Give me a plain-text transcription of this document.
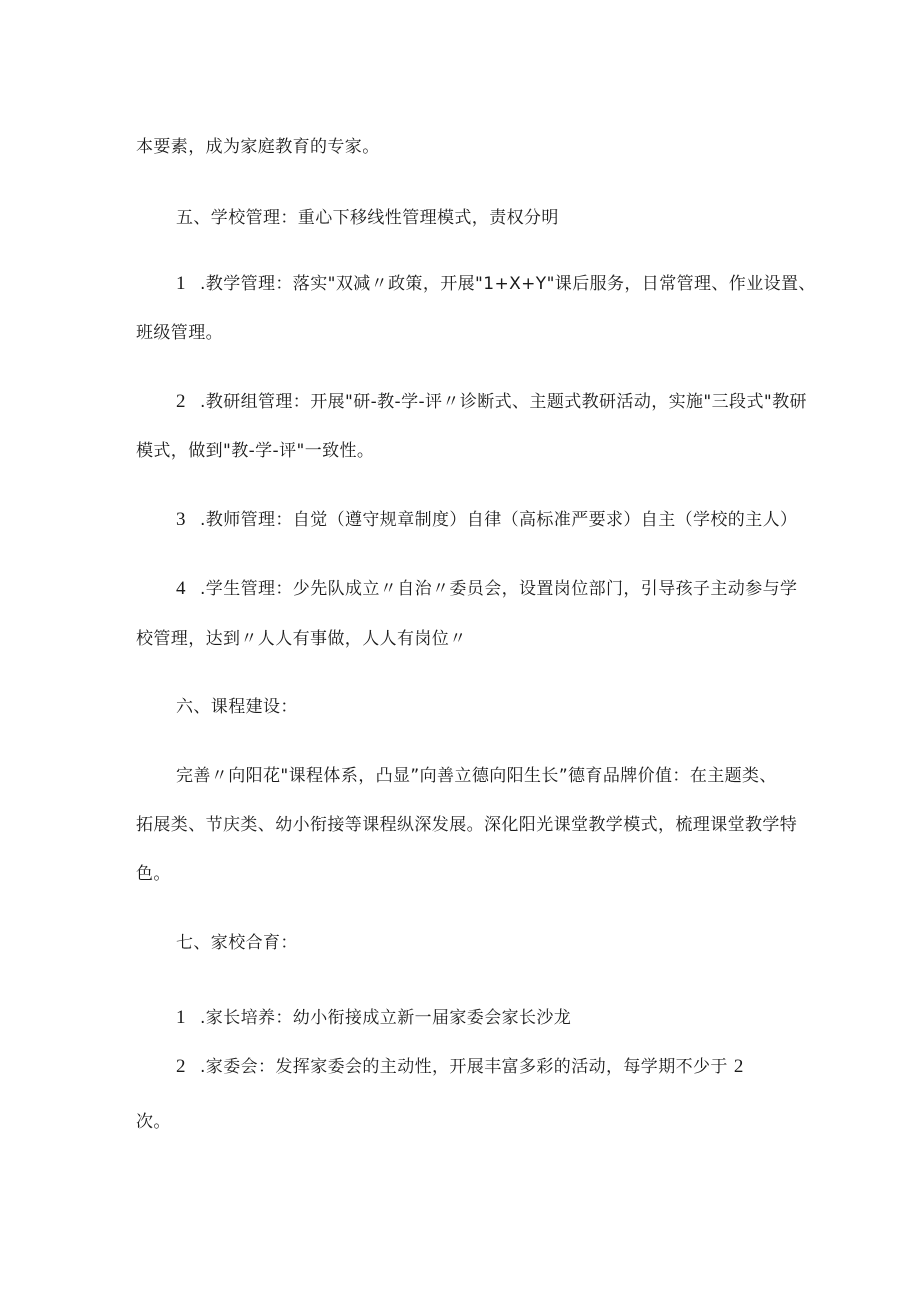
本要素，成为家庭教育的专家。
五、学校管理：重心下移线性管理模式，责权分明
1 .教学管理：落实"双减〃政策，开展"1+X+Y"课后服务，日常管理、作业设置、
班级管理。
2 .教研组管理：开展"研-教-学-评〃诊断式、主题式教研活动，实施"三段式"教研
模式，做到"教-学-评"一致性。
3 .教师管理：自觉（遵守规章制度）自律（高标准严要求）自主（学校的主人）
4 .学生管理：少先队成立〃自治〃委员会，设置岗位部门，引导孩子主动参与学
校管理，达到〃人人有事做，人人有岗位〃
六、课程建设：
完善〃向阳花"课程体系，凸显”向善立德向阳生长”德育品牌价值：在主题类、
拓展类、节庆类、幼小衔接等课程纵深发展。深化阳光课堂教学模式，梳理课堂教学特
色。
七、家校合育：
1 .家长培养：幼小衔接成立新一届家委会家长沙龙
2 .家委会：发挥家委会的主动性，开展丰富多彩的活动，每学期不少于 2
次。
